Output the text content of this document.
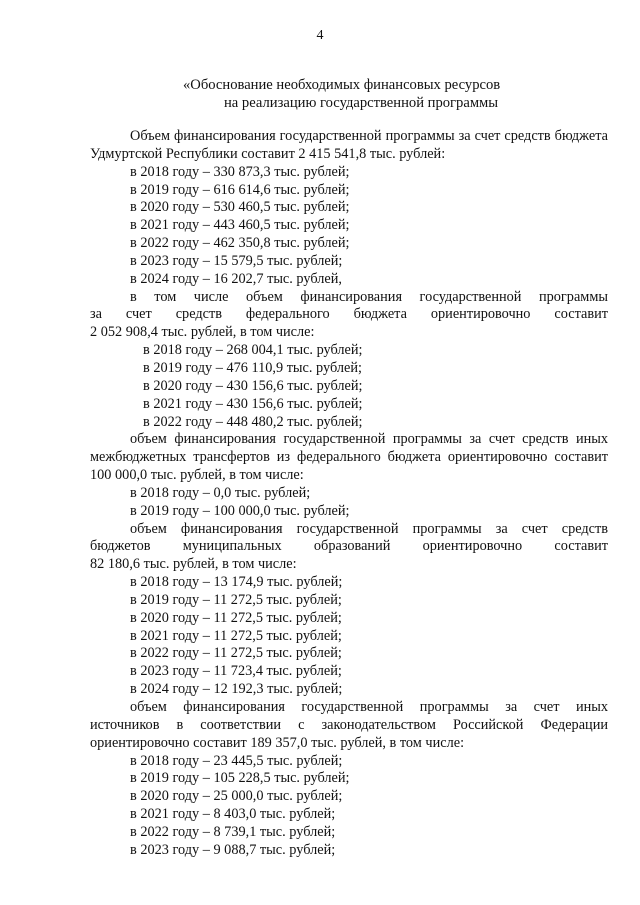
4
«Обоснование необходимых финансовых ресурсов
на реализацию государственной программы
Объем финансирования государственной программы за счет средств бюджета Удмуртской Республики составит 2 415 541,8 тыс. рублей:
в 2018 году – 330 873,3 тыс. рублей;
в 2019 году – 616 614,6 тыс. рублей;
в 2020 году – 530 460,5 тыс. рублей;
в 2021 году – 443 460,5 тыс. рублей;
в 2022 году – 462 350,8 тыс. рублей;
в 2023 году – 15 579,5 тыс. рублей;
в 2024 году – 16 202,7 тыс. рублей,
в том числе объем финансирования государственной программы
за счет средств федерального бюджета ориентировочно составит
2 052 908,4 тыс. рублей, в том числе:
в 2018 году – 268 004,1 тыс. рублей;
в 2019 году – 476 110,9 тыс. рублей;
в 2020 году – 430 156,6 тыс. рублей;
в 2021 году – 430 156,6 тыс. рублей;
в 2022 году – 448 480,2 тыс. рублей;
объем финансирования государственной программы за счет средств иных межбюджетных трансфертов из федерального бюджета ориентировочно составит 100 000,0 тыс. рублей, в том числе:
в 2018 году – 0,0 тыс. рублей;
в 2019 году – 100 000,0 тыс. рублей;
объем финансирования государственной программы за счет средств
бюджетов муниципальных образований ориентировочно составит
82 180,6 тыс. рублей, в том числе:
в 2018 году – 13 174,9 тыс. рублей;
в 2019 году – 11 272,5 тыс. рублей;
в 2020 году – 11 272,5 тыс. рублей;
в 2021 году – 11 272,5 тыс. рублей;
в 2022 году – 11 272,5 тыс. рублей;
в 2023 году – 11 723,4 тыс. рублей;
в 2024 году – 12 192,3 тыс. рублей;
объем финансирования государственной программы за счет иных
источников в соответствии с законодательством Российской Федерации
ориентировочно составит 189 357,0 тыс. рублей, в том числе:
в 2018 году – 23 445,5 тыс. рублей;
в 2019 году – 105 228,5 тыс. рублей;
в 2020 году – 25 000,0 тыс. рублей;
в 2021 году – 8 403,0 тыс. рублей;
в 2022 году – 8 739,1 тыс. рублей;
в 2023 году – 9 088,7 тыс. рублей;
